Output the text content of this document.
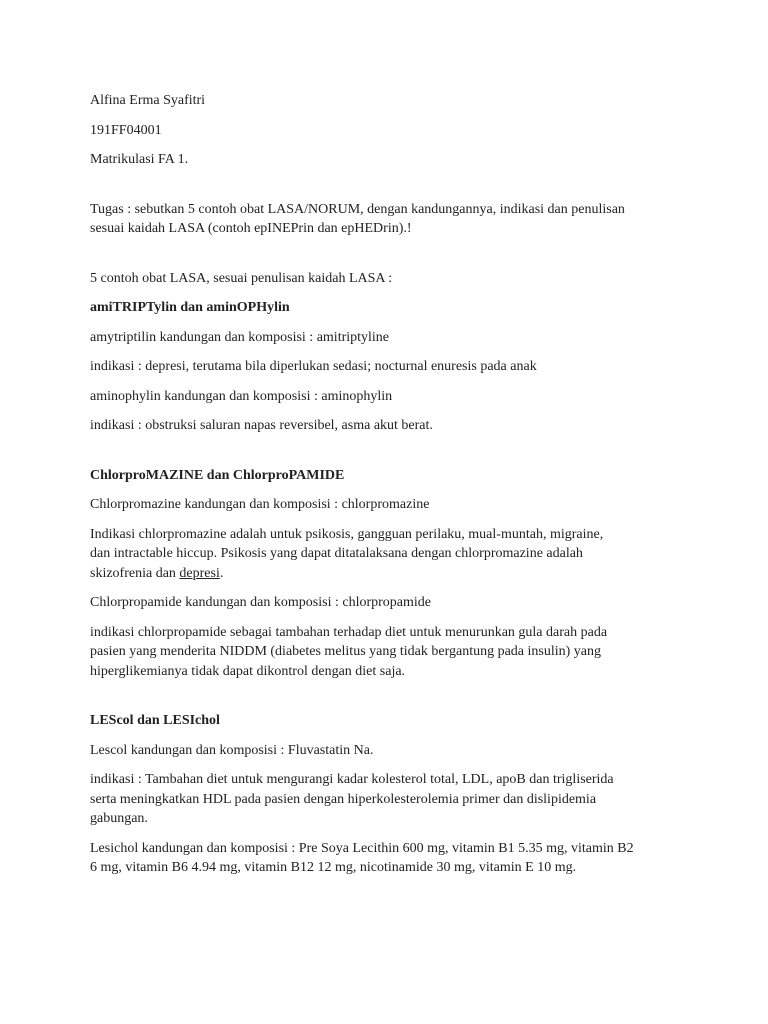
Alfina Erma Syafitri

191FF04001

Matrikulasi FA 1.

Tugas : sebutkan 5 contoh obat LASA/NORUM, dengan kandungannya, indikasi dan penulisan

sesuai kaidah LASA (contoh epINEPrin dan epHEDrin).!

5 contoh obat LASA, sesuai penulisan kaidah LASA :

amiTRIPTylin dan aminOPHylin

amytriptilin kandungan dan komposisi : amitriptyline

indikasi : depresi, terutama bila diperlukan sedasi; nocturnal enuresis pada anak

aminophylin kandungan dan komposisi : aminophylin

indikasi : obstruksi saluran napas reversibel, asma akut berat.

ChlorproMAZINE dan ChlorproPAMIDE

Chlorpromazine kandungan dan komposisi : chlorpromazine

Indikasi chlorpromazine adalah untuk psikosis, gangguan perilaku, mual-muntah, migraine,

dan intractable hiccup. Psikosis yang dapat ditatalaksana dengan chlorpromazine adalah

skizofrenia dan depresi.

Chlorpropamide kandungan dan komposisi : chlorpropamide

indikasi chlorpropamide sebagai tambahan terhadap diet untuk menurunkan gula darah pada

pasien yang menderita NIDDM (diabetes melitus yang tidak bergantung pada insulin) yang

hiperglikemianya tidak dapat dikontrol dengan diet saja.

LEScol dan LESIchol

Lescol kandungan dan komposisi : Fluvastatin Na.

indikasi : Tambahan diet untuk mengurangi kadar kolesterol total, LDL, apoB dan trigliserida

serta meningkatkan HDL pada pasien dengan hiperkolesterolemia primer dan dislipidemia

gabungan.

Lesichol kandungan dan komposisi : Pre Soya Lecithin 600 mg, vitamin B1 5.35 mg, vitamin B2

6 mg, vitamin B6 4.94 mg, vitamin B12 12 mg, nicotinamide 30 mg, vitamin E 10 mg.
